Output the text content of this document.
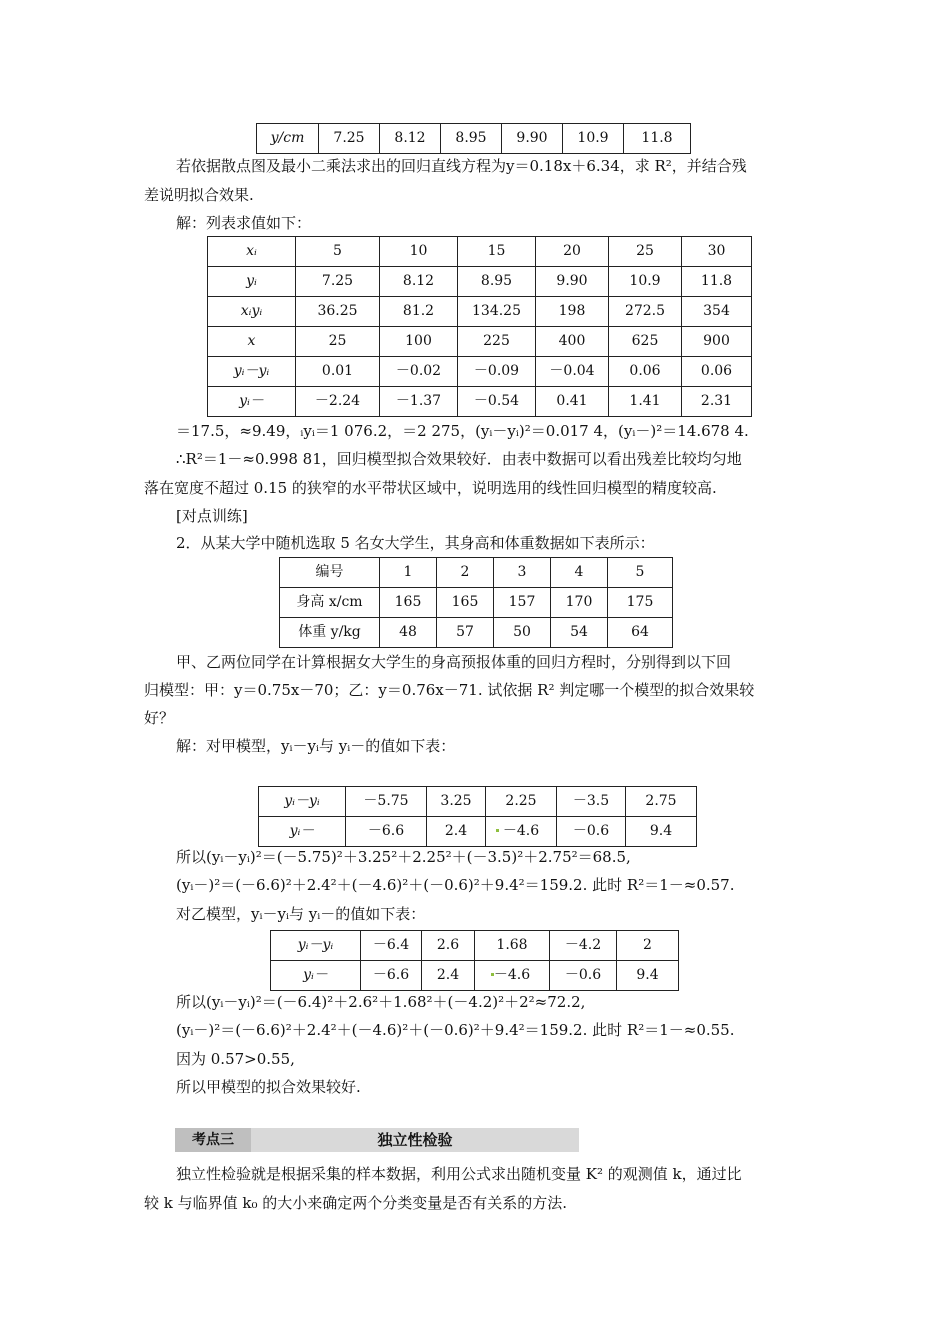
y/cm	7.25	8.12	8.95	9.90	10.9	11.8
若依据散点图及最小二乘法求出的回归直线方程为y＝0.18x＋6.34，求 R²，并结合残
差说明拟合效果.
解：列表求值如下：
xᵢ	5	10	15	20	25	30
yᵢ	7.25	8.12	8.95	9.90	10.9	11.8
xᵢyᵢ	36.25	81.2	134.25	198	272.5	354
x	25	100	225	400	625	900
yᵢ－yᵢ	0.01	－0.02	－0.09	－0.04	0.06	0.06
yᵢ－	－2.24	－1.37	－0.54	0.41	1.41	2.31
＝17.5，≈9.49，ᵢyᵢ＝1 076.2，＝2 275，(yᵢ－yᵢ)²＝0.017 4，(yᵢ－)²＝14.678 4.
∴R²＝1－≈0.998 81，回归模型拟合效果较好．由表中数据可以看出残差比较均匀地
落在宽度不超过 0.15 的狭窄的水平带状区域中，说明选用的线性回归模型的精度较高.
[对点训练]
2．从某大学中随机选取 5 名女大学生，其身高和体重数据如下表所示：
编号	1	2	3	4	5
身高 x/cm	165	165	157	170	175
体重 y/kg	48	57	50	54	64
甲、乙两位同学在计算根据女大学生的身高预报体重的回归方程时，分别得到以下回
归模型：甲：y＝0.75x－70；乙：y＝0.76x－71. 试依据 R² 判定哪一个模型的拟合效果较
好？
解：对甲模型，yᵢ－yᵢ与 yᵢ－的值如下表：
yᵢ－yᵢ	－5.75	3.25	2.25	－3.5	2.75
yᵢ－	－6.6	2.4	－4.6	－0.6	9.4
所以(yᵢ－yᵢ)²＝(－5.75)²＋3.25²＋2.25²＋(－3.5)²＋2.75²＝68.5,
(yᵢ－)²＝(－6.6)²＋2.4²＋(－4.6)²＋(－0.6)²＋9.4²＝159.2. 此时 R²＝1－≈0.57.
对乙模型，yᵢ－yᵢ与 yᵢ－的值如下表：
yᵢ－yᵢ	－6.4	2.6	1.68	－4.2	2
yᵢ－	－6.6	2.4	－4.6	－0.6	9.4
所以(yᵢ－yᵢ)²＝(－6.4)²＋2.6²＋1.68²＋(－4.2)²＋2²≈72.2,
(yᵢ－)²＝(－6.6)²＋2.4²＋(－4.6)²＋(－0.6)²＋9.4²＝159.2. 此时 R²＝1－≈0.55.
因为 0.57>0.55,
所以甲模型的拟合效果较好.
考点三	独立性检验
独立性检验就是根据采集的样本数据，利用公式求出随机变量 K² 的观测值 k，通过比
较 k 与临界值 k₀ 的大小来确定两个分类变量是否有关系的方法.
